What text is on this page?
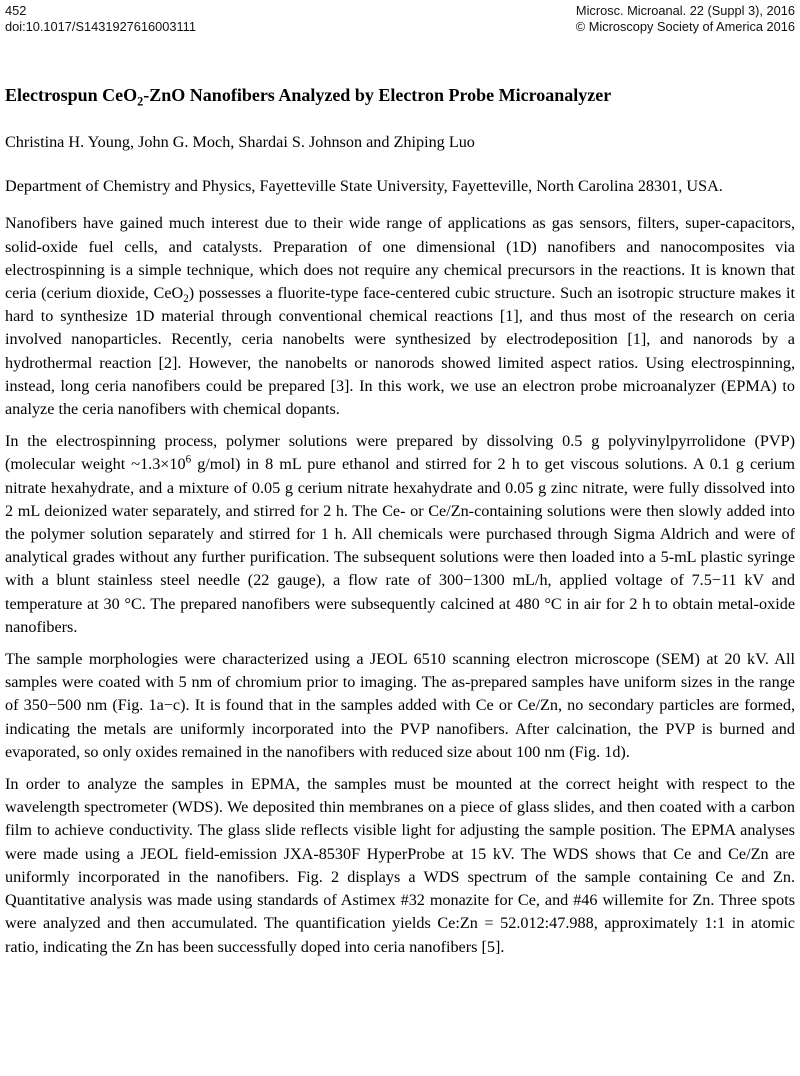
452
doi:10.1017/S1431927616003111
Microsc. Microanal. 22 (Suppl 3), 2016
© Microscopy Society of America 2016
Electrospun CeO$_2$-ZnO Nanofibers Analyzed by Electron Probe Microanalyzer
Christina H. Young, John G. Moch, Shardai S. Johnson and Zhiping Luo
Department of Chemistry and Physics, Fayetteville State University, Fayetteville, North Carolina 28301, USA.

Nanofibers have gained much interest due to their wide range of applications as gas sensors, filters, super-capacitors, solid-oxide fuel cells, and catalysts. Preparation of one dimensional (1D) nanofibers and nanocomposites via electrospinning is a simple technique, which does not require any chemical precursors in the reactions. It is known that ceria (cerium dioxide, CeO$_2$) possesses a fluorite-type face-centered cubic structure. Such an isotropic structure makes it hard to synthesize 1D material through conventional chemical reactions [1], and thus most of the research on ceria involved nanoparticles. Recently, ceria nanobelts were synthesized by electrodeposition [1], and nanorods by a hydrothermal reaction [2]. However, the nanobelts or nanorods showed limited aspect ratios. Using electrospinning, instead, long ceria nanofibers could be prepared [3]. In this work, we use an electron probe microanalyzer (EPMA) to analyze the ceria nanofibers with chemical dopants.

In the electrospinning process, polymer solutions were prepared by dissolving 0.5 g polyvinylpyrrolidone (PVP) (molecular weight $\sim 1.3\times 10^6$ g/mol) in 8 mL pure ethanol and stirred for 2 h to get viscous solutions. A 0.1 g cerium nitrate hexahydrate, and a mixture of 0.05 g cerium nitrate hexahydrate and 0.05 g zinc nitrate, were fully dissolved into 2 mL deionized water separately, and stirred for 2 h. The Ce- or Ce/Zn-containing solutions were then slowly added into the polymer solution separately and stirred for 1 h. All chemicals were purchased through Sigma Aldrich and were of analytical grades without any further purification. The subsequent solutions were then loaded into a 5-mL plastic syringe with a blunt stainless steel needle (22 gauge), a flow rate of 300−1300 mL/h, applied voltage of 7.5−11 kV and temperature at 30 °C. The prepared nanofibers were subsequently calcined at 480 °C in air for 2 h to obtain metal-oxide nanofibers.

The sample morphologies were characterized using a JEOL 6510 scanning electron microscope (SEM) at 20 kV. All samples were coated with 5 nm of chromium prior to imaging. The as-prepared samples have uniform sizes in the range of 350−500 nm (Fig. 1a−c). It is found that in the samples added with Ce or Ce/Zn, no secondary particles are formed, indicating the metals are uniformly incorporated into the PVP nanofibers. After calcination, the PVP is burned and evaporated, so only oxides remained in the nanofibers with reduced size about 100 nm (Fig. 1d).

In order to analyze the samples in EPMA, the samples must be mounted at the correct height with respect to the wavelength spectrometer (WDS). We deposited thin membranes on a piece of glass slides, and then coated with a carbon film to achieve conductivity. The glass slide reflects visible light for adjusting the sample position. The EPMA analyses were made using a JEOL field-emission JXA-8530F HyperProbe at 15 kV. The WDS shows that Ce and Ce/Zn are uniformly incorporated in the nanofibers. Fig. 2 displays a WDS spectrum of the sample containing Ce and Zn. Quantitative analysis was made using standards of Astimex #32 monazite for Ce, and #46 willemite for Zn. Three spots were analyzed and then accumulated. The quantification yields Ce:Zn = 52.012:47.988, approximately 1:1 in atomic ratio, indicating the Zn has been successfully doped into ceria nanofibers [5].
